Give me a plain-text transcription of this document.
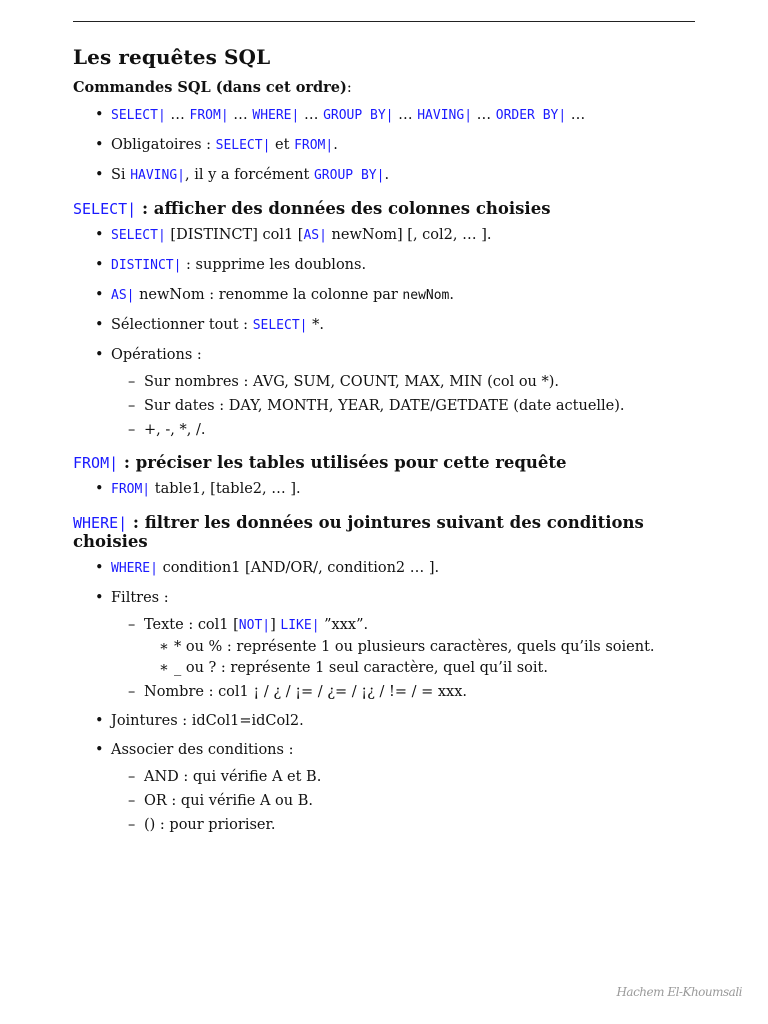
Les requêtes SQL
Commandes SQL (dans cet ordre):
• SELECT| … FROM| … WHERE| … GROUP BY| … HAVING| … ORDER BY| …
• Obligatoires : SELECT| et FROM|.
• Si HAVING|, il y a forcément GROUP BY|.
SELECT| : afficher des données des colonnes choisies
• SELECT| [DISTINCT] col1 [AS| newNom] [, col2, … ].
• DISTINCT| : supprime les doublons.
• AS| newNom : renomme la colonne par newNom.
• Sélectionner tout : SELECT| *.
• Opérations :
– Sur nombres : AVG, SUM, COUNT, MAX, MIN (col ou *).
– Sur dates : DAY, MONTH, YEAR, DATE/GETDATE (date actuelle).
– +, -, *, /.
FROM| : préciser les tables utilisées pour cette requête
• FROM| table1, [table2, … ].
WHERE| : filtrer les données ou jointures suivant des conditions choisies
• WHERE| condition1 [AND/OR/, condition2 … ].
• Filtres :
– Texte : col1 [NOT|] LIKE| ”xxx”.
∗ * ou % : représente 1 ou plusieurs caractères, quels qu’ils soient.
∗ _ ou ? : représente 1 seul caractère, quel qu’il soit.
– Nombre : col1 ¡ / ¿ / ¡= / ¿= / ¡¿ / != / = xxx.
• Jointures : idCol1=idCol2.
• Associer des conditions :
– AND : qui vérifie A et B.
– OR : qui vérifie A ou B.
– () : pour prioriser.
Hachem El-Khoumsali
